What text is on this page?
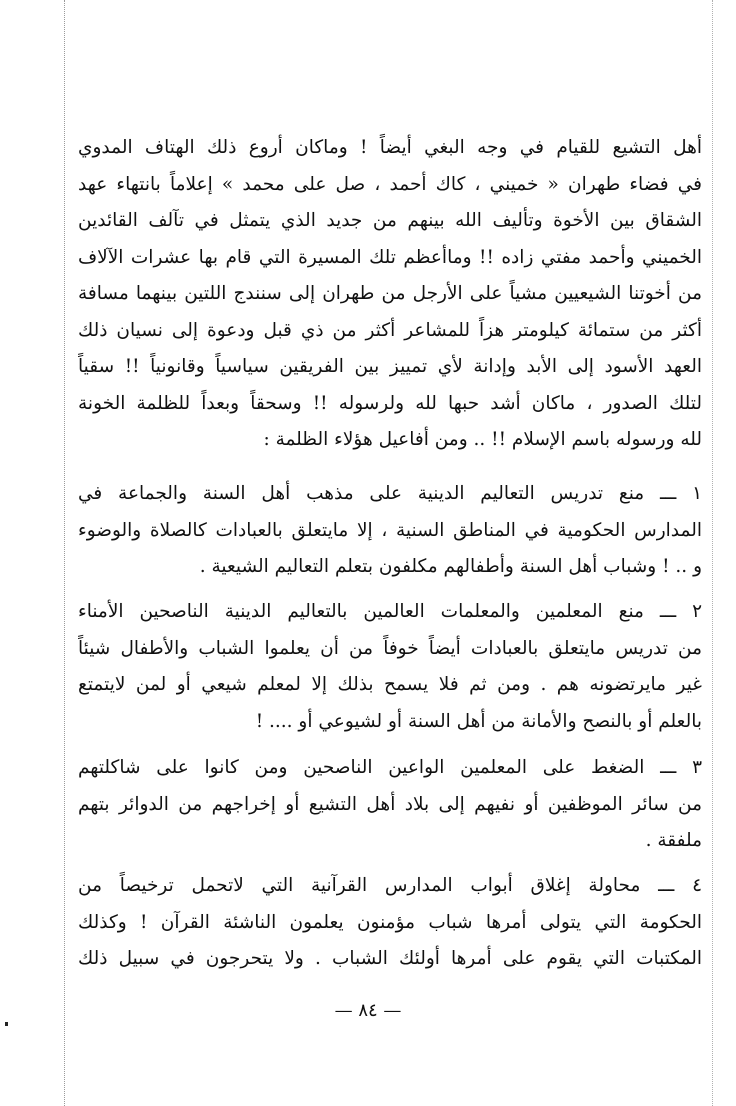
أهل التشيع للقيام في وجه البغي أيضاً ! وماكان أروع ذلك الهتاف المدوي
في فضاء طهران « خميني ، كاك أحمد ، صل على محمد » إعلاماً بانتهاء عهد
الشقاق بين الأخوة وتأليف الله بينهم من جديد الذي يتمثل في تآلف القائدين
الخميني وأحمد مفتي زاده !! وماأعظم تلك المسيرة التي قام بها عشرات الآلاف
من أخوتنا الشيعيين مشياً على الأرجل من طهران إلى سنندج اللتين بينهما مسافة
أكثر من ستمائة كيلومتر هزاً للمشاعر أكثر من ذي قبل ودعوة إلى نسيان ذلك
العهد الأسود إلى الأبد وإدانة لأي تمييز بين الفريقين سياسياً وقانونياً !! سقياً
لتلك الصدور ، ماكان أشد حبها لله ولرسوله !! وسحقاً وبعداً للظلمة الخونة
لله ورسوله باسم الإسلام !! .. ومن أفاعيل هؤلاء الظلمة :
١ ـــ منع تدريس التعاليم الدينية على مذهب أهل السنة والجماعة في
المدارس الحكومية في المناطق السنية ، إلا مايتعلق بالعبادات كالصلاة والوضوء
و .. ! وشباب أهل السنة وأطفالهم مكلفون بتعلم التعاليم الشيعية .
٢ ـــ منع المعلمين والمعلمات العالمين بالتعاليم الدينية الناصحين الأمناء
من تدريس مايتعلق بالعبادات أيضاً خوفاً من أن يعلموا الشباب والأطفال شيئاً
غير مايرتضونه هم . ومن ثم فلا يسمح بذلك إلا لمعلم شيعي أو لمن لايتمتع
بالعلم أو بالنصح والأمانة من أهل السنة أو لشيوعي أو .... !
٣ ـــ الضغط على المعلمين الواعين الناصحين ومن كانوا على شاكلتهم
من سائر الموظفين أو نفيهم إلى بلاد أهل التشيع أو إخراجهم من الدوائر بتهم
ملفقة .
٤ ـــ محاولة إغلاق أبواب المدارس القرآنية التي لاتحمل ترخيصاً من
الحكومة التي يتولى أمرها شباب مؤمنون يعلمون الناشئة القرآن ! وكذلك
المكتبات التي يقوم على أمرها أولئك الشباب . ولا يتحرجون في سبيل ذلك
— ٨٤ —
